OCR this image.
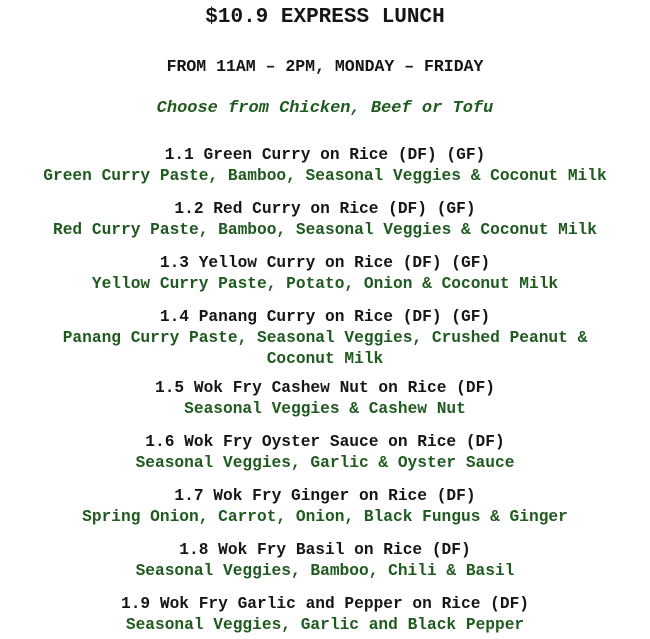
$10.9 EXPRESS LUNCH
FROM 11AM – 2PM, MONDAY – FRIDAY
Choose from Chicken, Beef or Tofu
1.1 Green Curry on Rice (DF) (GF)
Green Curry Paste, Bamboo, Seasonal Veggies & Coconut Milk
1.2 Red Curry on Rice (DF) (GF)
Red Curry Paste, Bamboo, Seasonal Veggies & Coconut Milk
1.3 Yellow Curry on Rice (DF) (GF)
Yellow Curry Paste, Potato, Onion & Coconut Milk
1.4 Panang Curry on Rice (DF) (GF)
Panang Curry Paste, Seasonal Veggies, Crushed Peanut & Coconut Milk
1.5 Wok Fry Cashew Nut on Rice (DF)
Seasonal Veggies & Cashew Nut
1.6 Wok Fry Oyster Sauce on Rice (DF)
Seasonal Veggies, Garlic & Oyster Sauce
1.7 Wok Fry Ginger on Rice (DF)
Spring Onion, Carrot, Onion, Black Fungus & Ginger
1.8 Wok Fry Basil on Rice (DF)
Seasonal Veggies, Bamboo, Chili & Basil
1.9 Wok Fry Garlic and Pepper on Rice (DF)
Seasonal Veggies, Garlic and Black Pepper
